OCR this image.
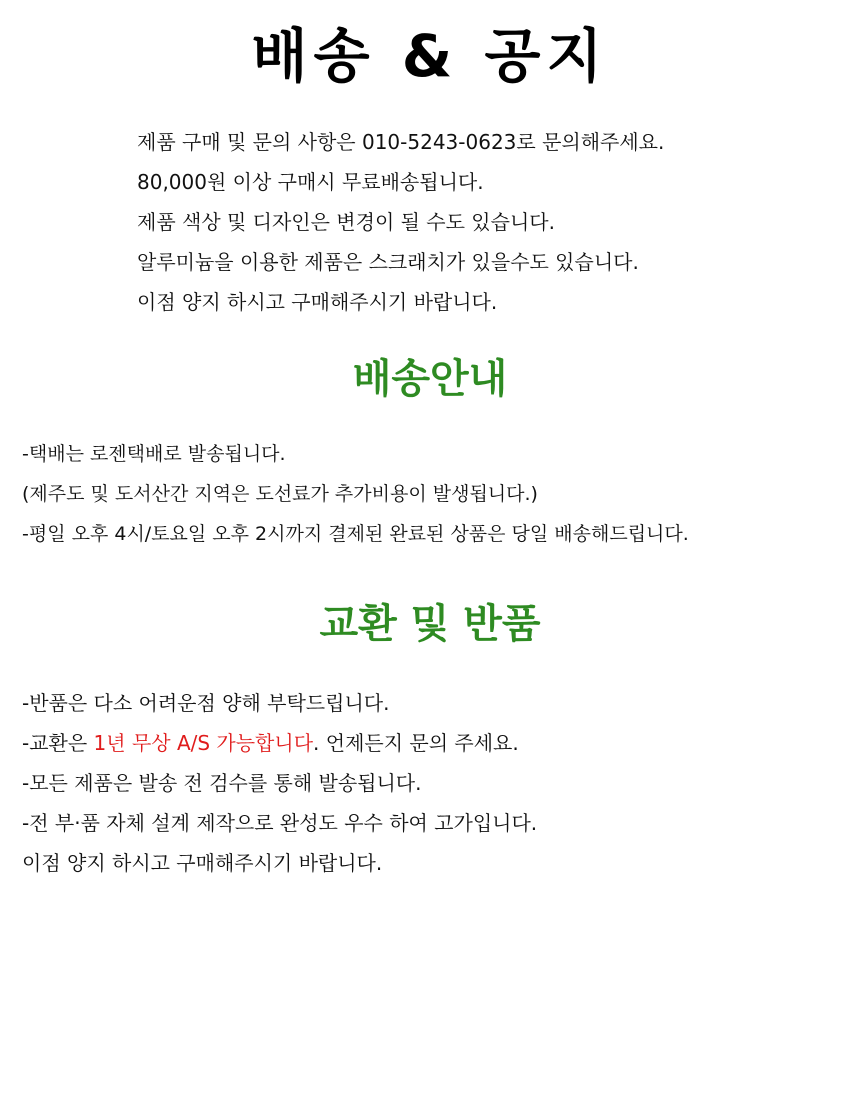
배송 & 공지
제품 구매 및 문의 사항은 010-5243-0623로 문의해주세요.
80,000원 이상 구매시 무료배송됩니다.
제품 색상 및 디자인은 변경이 될 수도 있습니다.
알루미늄을 이용한 제품은 스크래치가 있을수도 있습니다.
이점 양지 하시고 구매해주시기 바랍니다.
배송안내
-택배는 로젠택배로 발송됩니다.
(제주도 및 도서산간 지역은 도선료가 추가비용이 발생됩니다.)
-평일 오후 4시/토요일 오후 2시까지 결제된 완료된 상품은 당일 배송해드립니다.
교환 및 반품
-반품은 다소 어려운점 양해 부탁드립니다.
-교환은 1년 무상 A/S 가능합니다. 언제든지 문의 주세요.
-모든 제품은 발송 전 검수를 통해 발송됩니다.
-전 부·품 자체 설계 제작으로 완성도 우수 하여 고가입니다.
이점 양지 하시고 구매해주시기 바랍니다.
